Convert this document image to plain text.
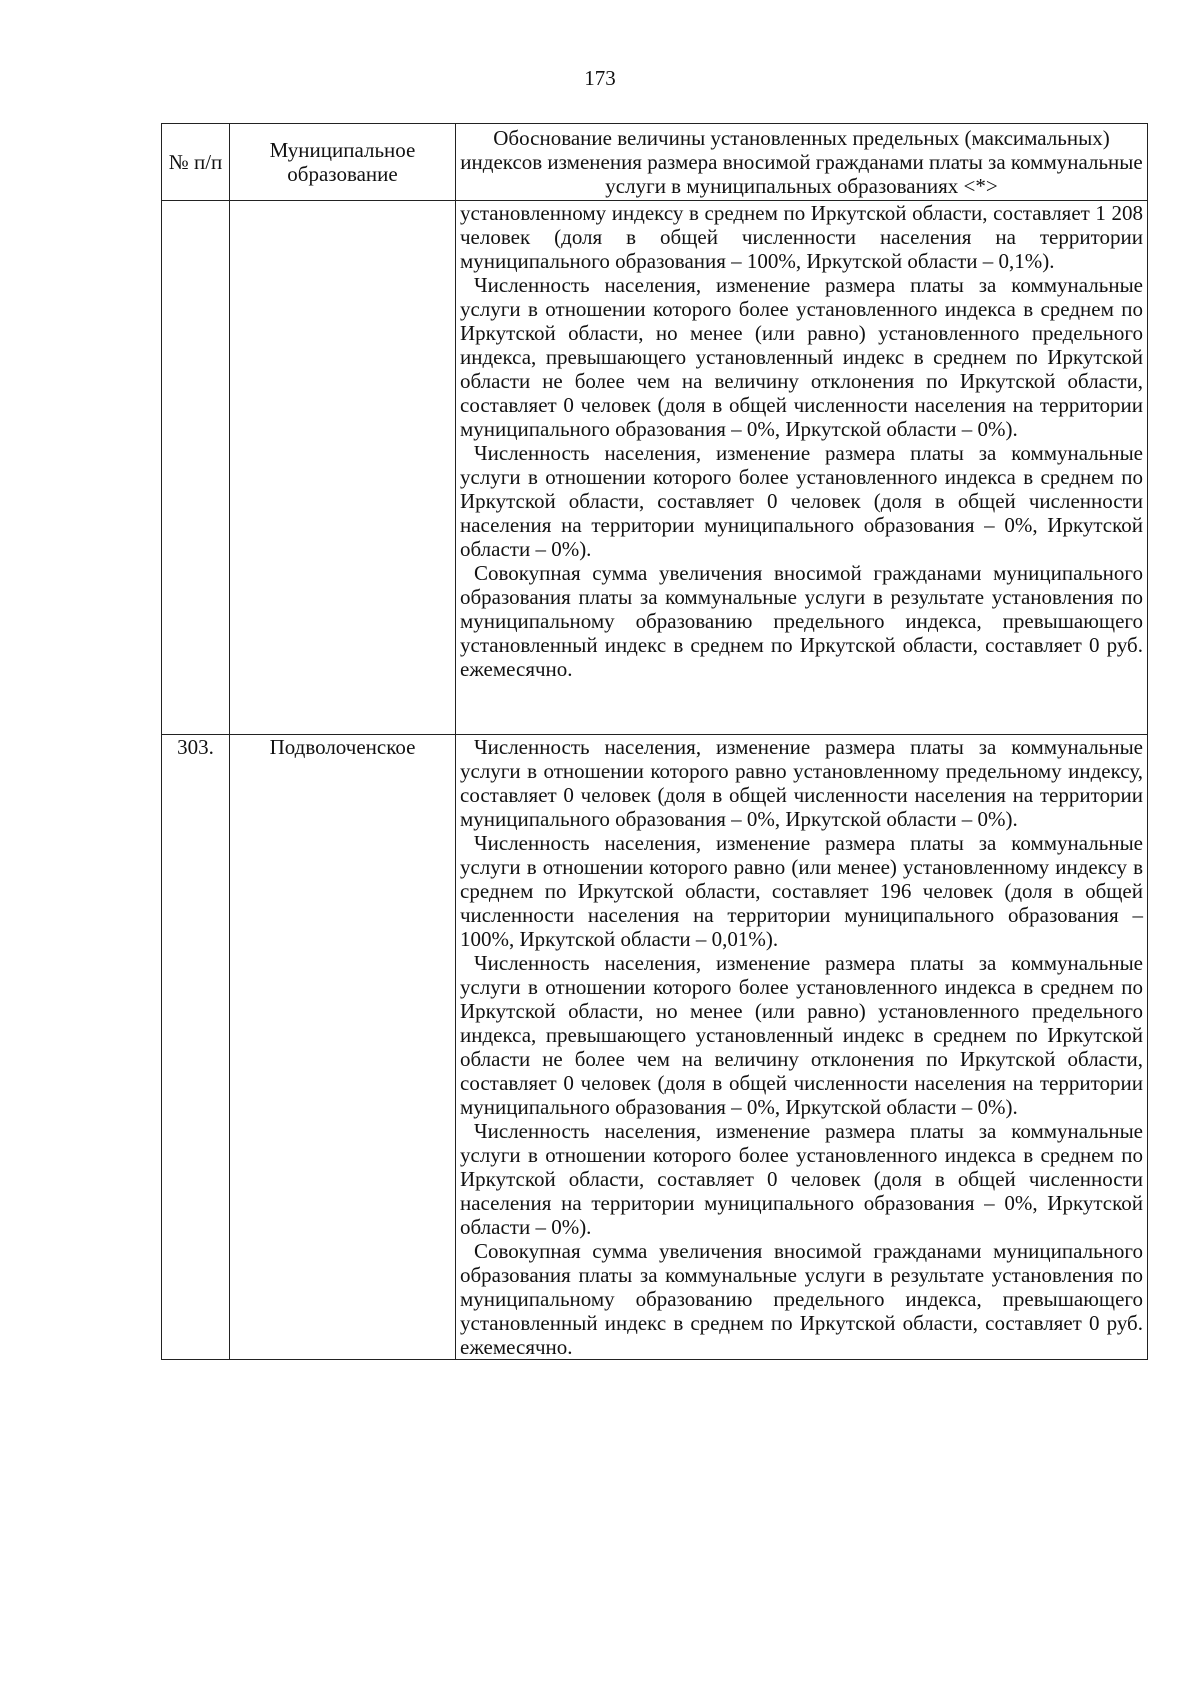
173
№ п/п	Муниципальное образование	Обоснование величины установленных предельных (максимальных) индексов изменения размера вносимой гражданами платы за коммунальные услуги в муниципальных образованиях <*>

		установленному индексу в среднем по Иркутской области, составляет 1 208 человек (доля в общей численности населения на территории муниципального образования – 100%, Иркутской области – 0,1%).

Численность населения, изменение размера платы за коммунальные услуги в отношении которого более установленного индекса в среднем по Иркутской области, но менее (или равно) установленного предельного индекса, превышающего установленный индекс в среднем по Иркутской области не более чем на величину отклонения по Иркутской области, составляет 0 человек (доля в общей численности населения на территории муниципального образования – 0%, Иркутской области – 0%).

Численность населения, изменение размера платы за коммунальные услуги в отношении которого более установленного индекса в среднем по Иркутской области, составляет 0 человек (доля в общей численности населения на территории муниципального образования – 0%, Иркутской области – 0%).

Совокупная сумма увеличения вносимой гражданами муниципального образования платы за коммунальные услуги в результате установления по муниципальному образованию предельного индекса, превышающего установленный индекс в среднем по Иркутской области, составляет 0 руб. ежемесячно.

303.	Подволоченское	Численность населения, изменение размера платы за коммунальные услуги в отношении которого равно установленному предельному индексу, составляет 0 человек (доля в общей численности населения на территории муниципального образования – 0%, Иркутской области – 0%).

Численность населения, изменение размера платы за коммунальные услуги в отношении которого равно (или менее) установленному индексу в среднем по Иркутской области, составляет 196 человек (доля в общей численности населения на территории муниципального образования – 100%, Иркутской области – 0,01%).

Численность населения, изменение размера платы за коммунальные услуги в отношении которого более установленного индекса в среднем по Иркутской области, но менее (или равно) установленного предельного индекса, превышающего установленный индекс в среднем по Иркутской области не более чем на величину отклонения по Иркутской области, составляет 0 человек (доля в общей численности населения на территории муниципального образования – 0%, Иркутской области – 0%).

Численность населения, изменение размера платы за коммунальные услуги в отношении которого более установленного индекса в среднем по Иркутской области, составляет 0 человек (доля в общей численности населения на территории муниципального образования – 0%, Иркутской области – 0%).

Совокупная сумма увеличения вносимой гражданами муниципального образования платы за коммунальные услуги в результате установления по муниципальному образованию предельного индекса, превышающего установленный индекс в среднем по Иркутской области, составляет 0 руб. ежемесячно.
